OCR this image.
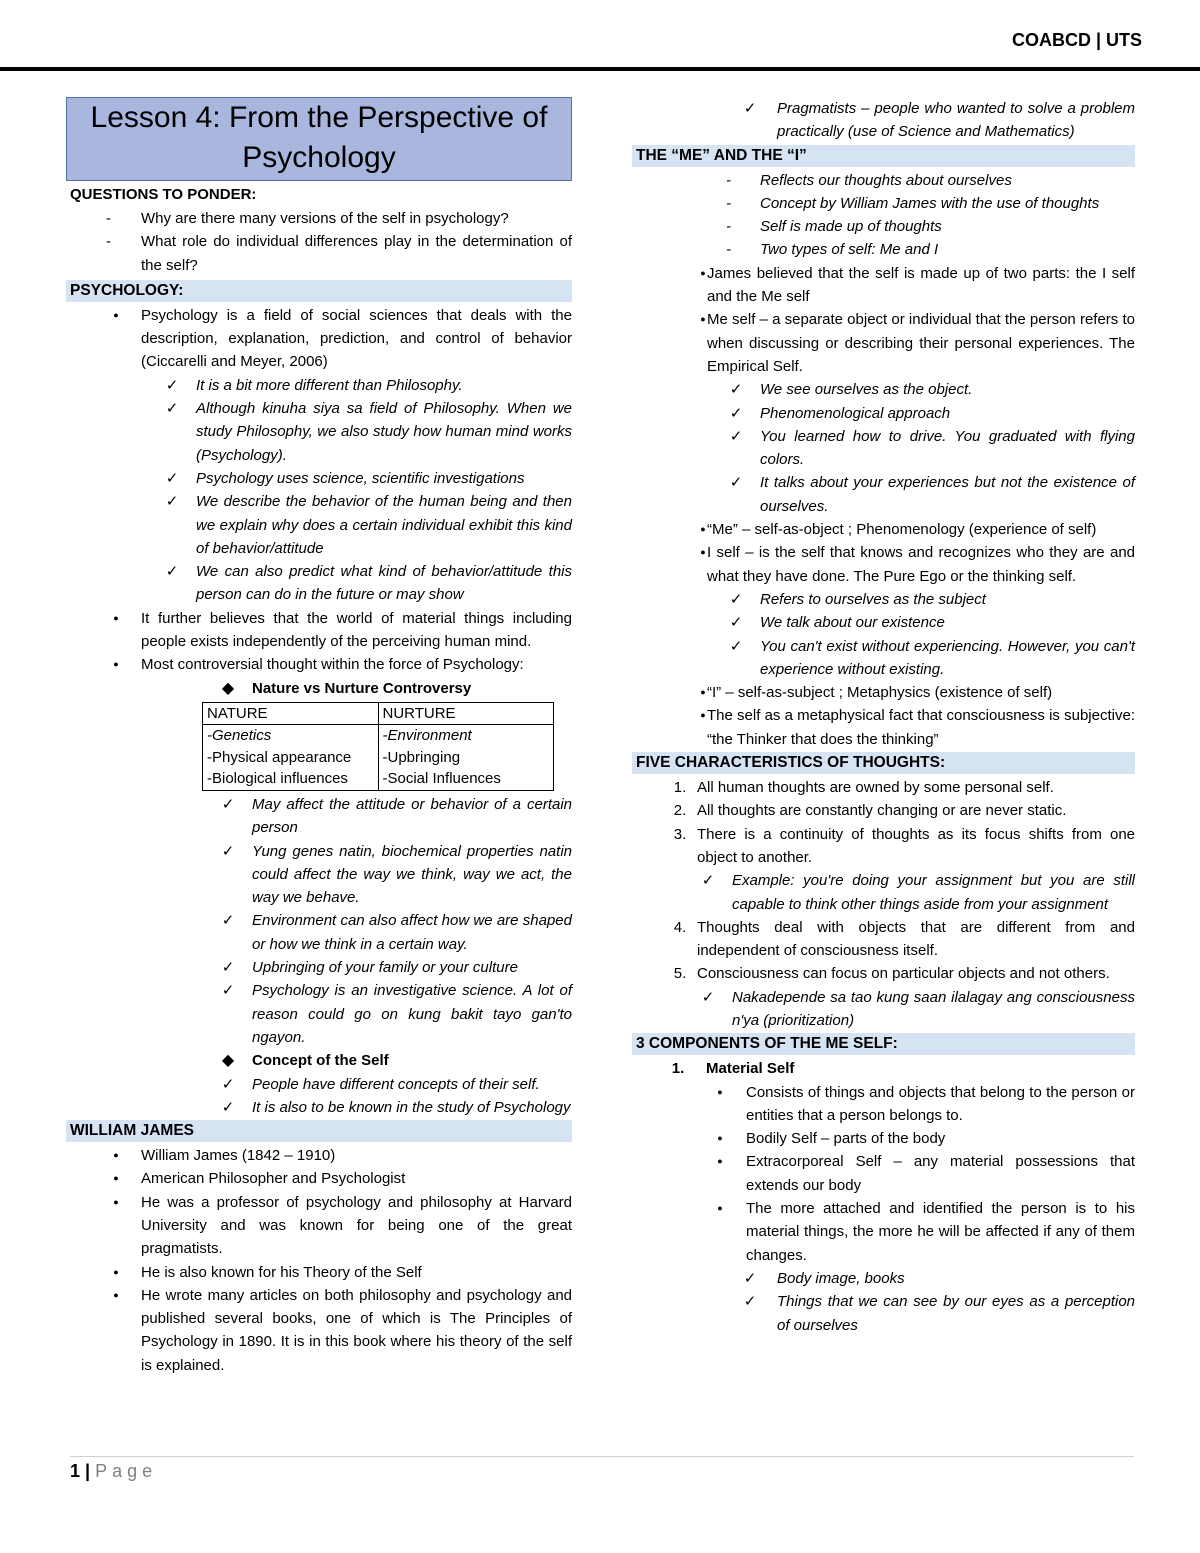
COABCD | UTS
Lesson 4: From the Perspective of Psychology
QUESTIONS TO PONDER:
-	Why are there many versions of the self in psychology?
-	What role do individual differences play in the determination of the self?
PSYCHOLOGY:
●	Psychology is a field of social sciences that deals with the description, explanation, prediction, and control of behavior (Ciccarelli and Meyer, 2006)
✓ It is a bit more different than Philosophy.
✓ Although kinuha siya sa field of Philosophy. When we study Philosophy, we also study how human mind works (Psychology).
✓ Psychology uses science, scientific investigations
✓ We describe the behavior of the human being and then we explain why does a certain individual exhibit this kind of behavior/attitude
✓ We can also predict what kind of behavior/attitude this person can do in the future or may show
●	It further believes that the world of material things including people exists independently of the perceiving human mind.
●	Most controversial thought within the force of Psychology:
◆ Nature vs Nurture Controversy
NATURE	NURTURE
-Genetics	-Environment
-Physical appearance	-Upbringing
-Biological influences	-Social Influences
✓ May affect the attitude or behavior of a certain person
✓ Yung genes natin, biochemical properties natin could affect the way we think, way we act, the way we behave.
✓ Environment can also affect how we are shaped or how we think in a certain way.
✓ Upbringing of your family or your culture
✓ Psychology is an investigative science. A lot of reason could go on kung bakit tayo gan'to ngayon.
◆ Concept of the Self
✓ People have different concepts of their self.
✓ It is also to be known in the study of Psychology
WILLIAM JAMES
●	William James (1842 – 1910)
●	American Philosopher and Psychologist
●	He was a professor of psychology and philosophy at Harvard University and was known for being one of the great pragmatists.
●	He is also known for his Theory of the Self
●	He wrote many articles on both philosophy and psychology and published several books, one of which is The Principles of Psychology in 1890. It is in this book where his theory of the self is explained.
✓ Pragmatists – people who wanted to solve a problem practically (use of Science and Mathematics)
THE “ME” AND THE “I”
-	Reflects our thoughts about ourselves
-	Concept by William James with the use of thoughts
-	Self is made up of thoughts
-	Two types of self: Me and I
● James believed that the self is made up of two parts: the I self and the Me self
● Me self – a separate object or individual that the person refers to when discussing or describing their personal experiences. The Empirical Self.
✓ We see ourselves as the object.
✓ Phenomenological approach
✓ You learned how to drive. You graduated with flying colors.
✓ It talks about your experiences but not the existence of ourselves.
● “Me” – self-as-object ; Phenomenology (experience of self)
● I self – is the self that knows and recognizes who they are and what they have done. The Pure Ego or the thinking self.
✓ Refers to ourselves as the subject
✓ We talk about our existence
✓ You can't exist without experiencing. However, you can't experience without existing.
● “I” – self-as-subject ; Metaphysics (existence of self)
● The self as a metaphysical fact that consciousness is subjective: “the Thinker that does the thinking”
FIVE CHARACTERISTICS OF THOUGHTS:
1. All human thoughts are owned by some personal self.
2. All thoughts are constantly changing or are never static.
3. There is a continuity of thoughts as its focus shifts from one object to another.
✓ Example: you're doing your assignment but you are still capable to think other things aside from your assignment
4. Thoughts deal with objects that are different from and independent of consciousness itself.
5. Consciousness can focus on particular objects and not others.
✓ Nakadepende sa tao kung saan ilalagay ang consciousness n'ya (prioritization)
3 COMPONENTS OF THE ME SELF:
1. Material Self
●	Consists of things and objects that belong to the person or entities that a person belongs to.
●	Bodily Self – parts of the body
●	Extracorporeal Self – any material possessions that extends our body
●	The more attached and identified the person is to his material things, the more he will be affected if any of them changes.
✓ Body image, books
✓ Things that we can see by our eyes as a perception of ourselves
1 | Page
